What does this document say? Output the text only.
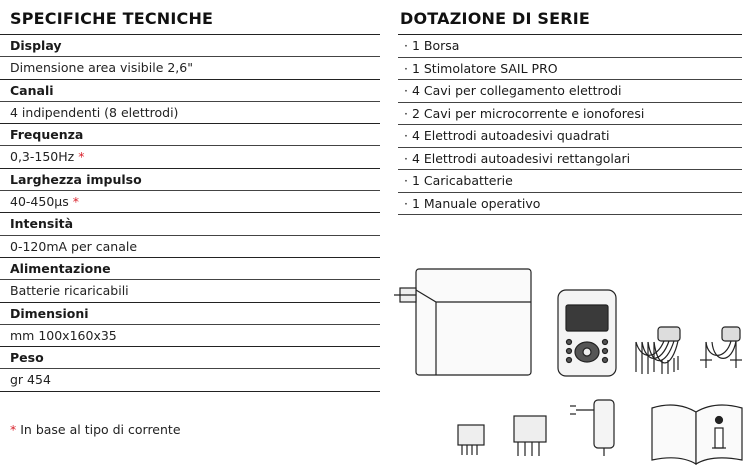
SPECIFICHE TECNICHE
Display
Dimensione area visibile 2,6"
Canali
4 indipendenti (8 elettrodi)
Frequenza
0,3-150Hz *
Larghezza impulso
40-450µs *
Intensità
0-120mA per canale
Alimentazione
Batterie ricaricabili
Dimensioni
mm 100x160x35
Peso
gr 454
* In base al tipo di corrente
DOTAZIONE DI SERIE
· 1 Borsa
· 1 Stimolatore SAIL PRO
· 4 Cavi per collegamento elettrodi
· 2 Cavi per microcorrente e ionoforesi
· 4 Elettrodi autoadesivi quadrati
· 4 Elettrodi autoadesivi rettangolari
· 1 Caricabatterie
· 1 Manuale operativo
